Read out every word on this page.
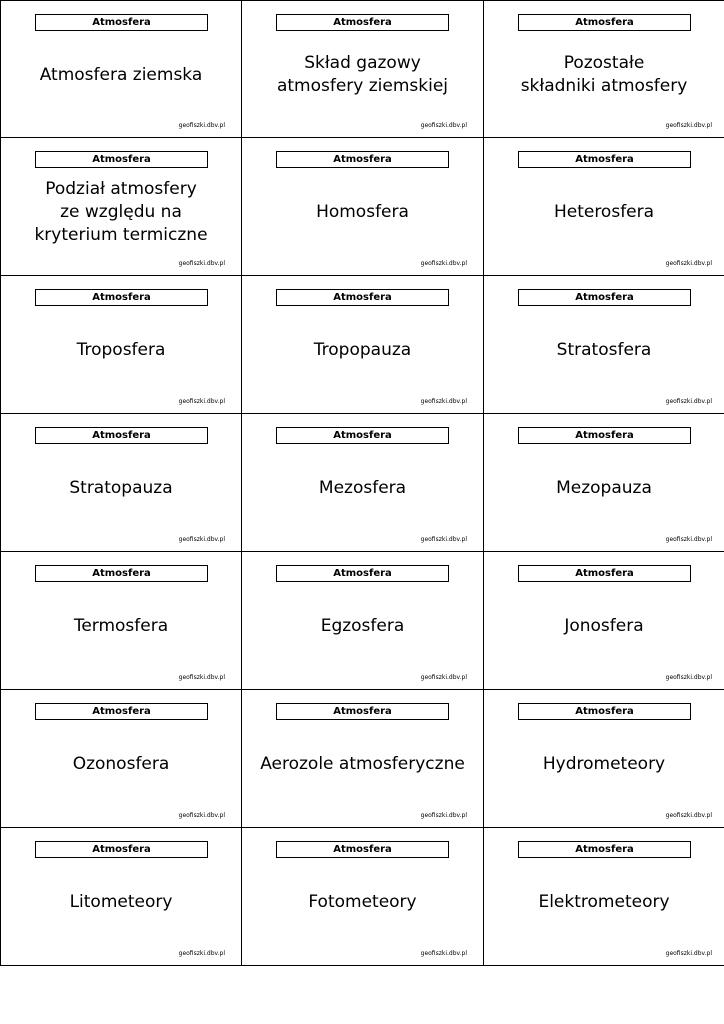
Atmosfera
Atmosfera ziemska
geofiszki.dbv.pl
Atmosfera
Skład gazowy
atmosfery ziemskiej
geofiszki.dbv.pl
Atmosfera
Pozostałe
składniki atmosfery
geofiszki.dbv.pl
Atmosfera
Podział atmosfery
ze względu na
kryterium termiczne
geofiszki.dbv.pl
Atmosfera
Homosfera
geofiszki.dbv.pl
Atmosfera
Heterosfera
geofiszki.dbv.pl
Atmosfera
Troposfera
geofiszki.dbv.pl
Atmosfera
Tropopauza
geofiszki.dbv.pl
Atmosfera
Stratosfera
geofiszki.dbv.pl
Atmosfera
Stratopauza
geofiszki.dbv.pl
Atmosfera
Mezosfera
geofiszki.dbv.pl
Atmosfera
Mezopauza
geofiszki.dbv.pl
Atmosfera
Termosfera
geofiszki.dbv.pl
Atmosfera
Egzosfera
geofiszki.dbv.pl
Atmosfera
Jonosfera
geofiszki.dbv.pl
Atmosfera
Ozonosfera
geofiszki.dbv.pl
Atmosfera
Aerozole atmosferyczne
geofiszki.dbv.pl
Atmosfera
Hydrometeory
geofiszki.dbv.pl
Atmosfera
Litometeory
geofiszki.dbv.pl
Atmosfera
Fotometeory
geofiszki.dbv.pl
Atmosfera
Elektrometeory
geofiszki.dbv.pl
